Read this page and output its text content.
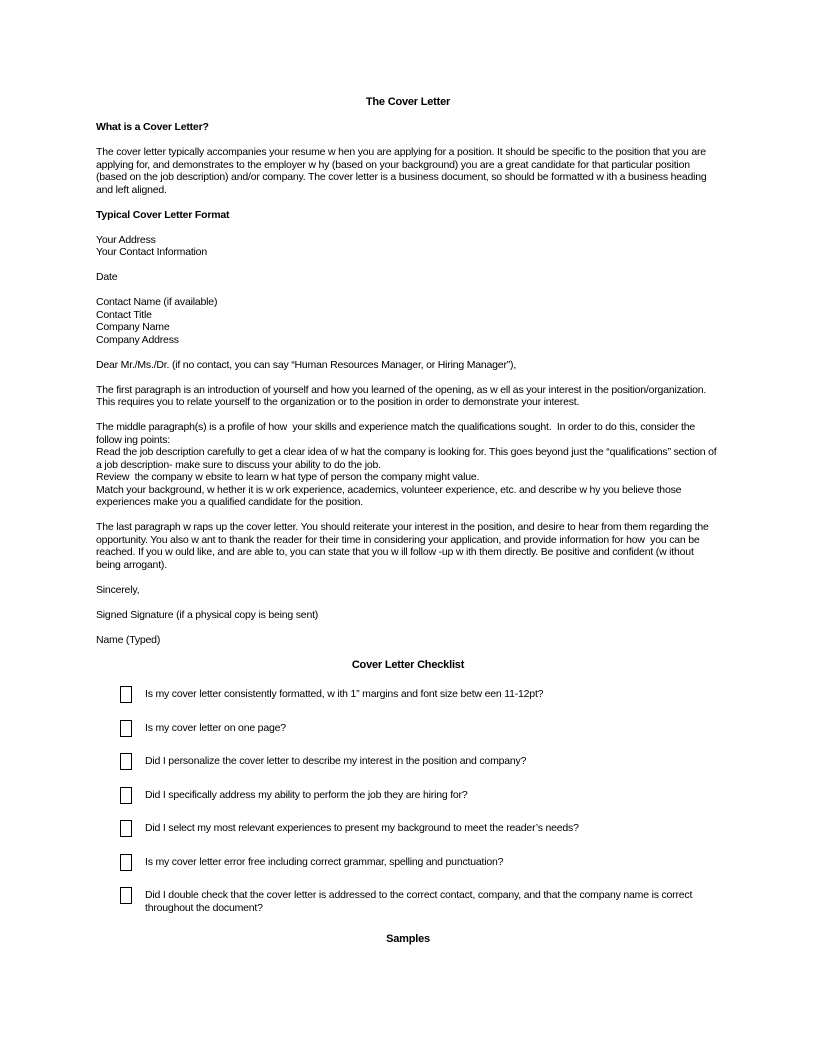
The Cover Letter
What is a Cover Letter?
The cover letter typically accompanies your resume w hen you are applying for a position. It should be specific to the position that you are applying for, and demonstrates to the employer w hy (based on your background) you are a great candidate for that particular position (based on the job description) and/or company. The cover letter is a business document, so should be formatted w ith a business heading and left aligned.
Typical Cover Letter Format
Your Address
Your Contact Information
Date
Contact Name (if available)
Contact Title
Company Name
Company Address
Dear Mr./Ms./Dr. (if no contact, you can say “Human Resources Manager, or Hiring Manager”),
The first paragraph is an introduction of yourself and how you learned of the opening, as w ell as your interest in the position/organization. This requires you to relate yourself to the organization or to the position in order to demonstrate your interest.
The middle paragraph(s) is a profile of how  your skills and experience match the qualifications sought.  In order to do this, consider the follow ing points:
Read the job description carefully to get a clear idea of w hat the company is looking for. This goes beyond just the “qualifications” section of a job description- make sure to discuss your ability to do the job.
Review  the company w ebsite to learn w hat type of person the company might value.
Match your background, w hether it is w ork experience, academics, volunteer experience, etc. and describe w hy you believe those experiences make you a qualified candidate for the position.
The last paragraph w raps up the cover letter. You should reiterate your interest in the position, and desire to hear from them regarding the opportunity. You also w ant to thank the reader for their time in considering your application, and provide information for how  you can be reached. If you w ould like, and are able to, you can state that you w ill follow -up w ith them directly. Be positive and confident (w ithout being arrogant).
Sincerely,
Signed Signature (if a physical copy is being sent)
Name (Typed)
Cover Letter Checklist
Is my cover letter consistently formatted, w ith 1” margins and font size betw een 11-12pt?
Is my cover letter on one page?
Did I personalize the cover letter to describe my interest in the position and company?
Did I specifically address my ability to perform the job they are hiring for?
Did I select my most relevant experiences to present my background to meet the reader’s needs?
Is my cover letter error free including correct grammar, spelling and punctuation?
Did I double check that the cover letter is addressed to the correct contact, company, and that the company name is correct throughout the document?
Samples
